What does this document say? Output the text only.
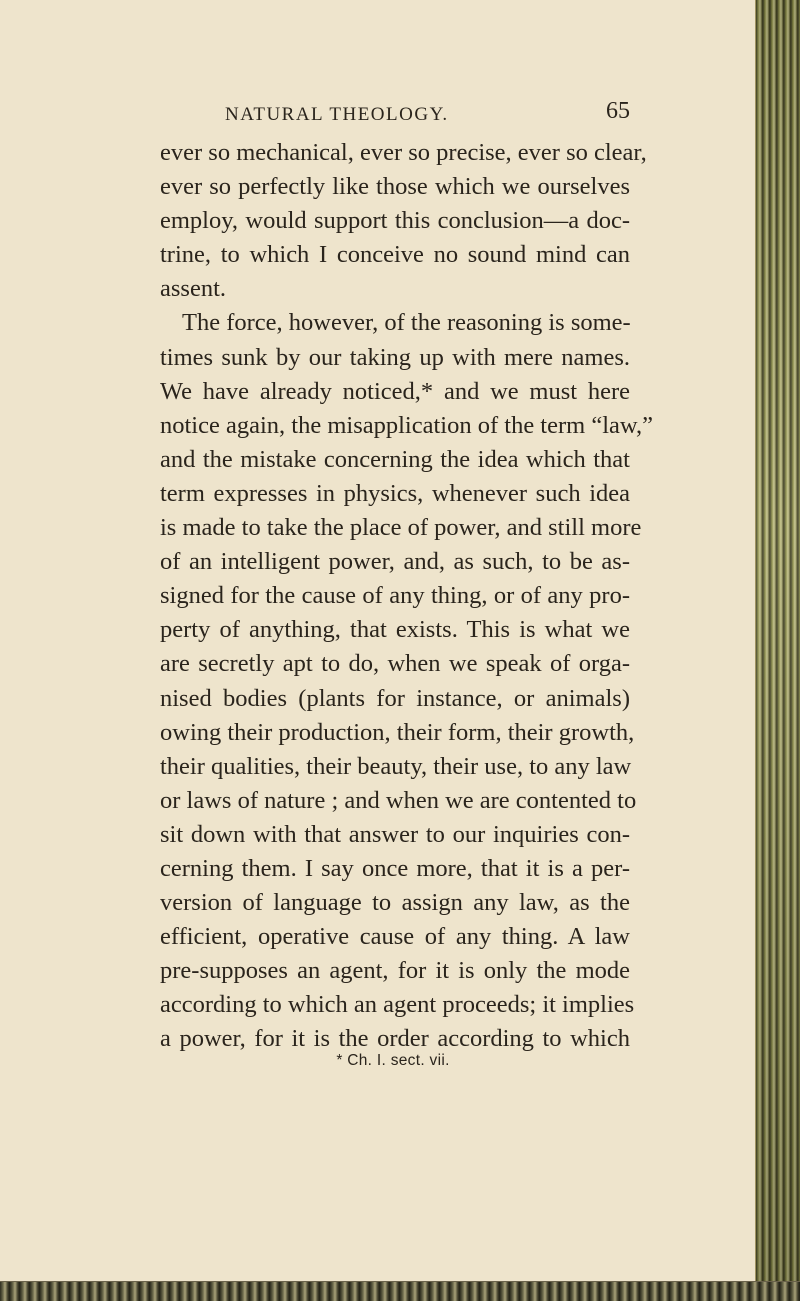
NATURAL THEOLOGY.	65
ever so mechanical, ever so precise, ever so clear,
ever so perfectly like those which we ourselves
employ, would support this conclusion—a doc-
trine, to which I conceive no sound mind can
assent.
The force, however, of the reasoning is some-
times sunk by our taking up with mere names.
We have already noticed,* and we must here
notice again, the misapplication of the term “law,”
and the mistake concerning the idea which that
term expresses in physics, whenever such idea
is made to take the place of power, and still more
of an intelligent power, and, as such, to be as-
signed for the cause of any thing, or of any pro-
perty of anything, that exists. This is what we
are secretly apt to do, when we speak of orga-
nised bodies (plants for instance, or animals)
owing their production, their form, their growth,
their qualities, their beauty, their use, to any law
or laws of nature ; and when we are contented to
sit down with that answer to our inquiries con-
cerning them. I say once more, that it is a per-
version of language to assign any law, as the
efficient, operative cause of any thing. A law
pre-supposes an agent, for it is only the mode
according to which an agent proceeds; it implies
a power, for it is the order according to which
* Ch. I. sect. vii.
